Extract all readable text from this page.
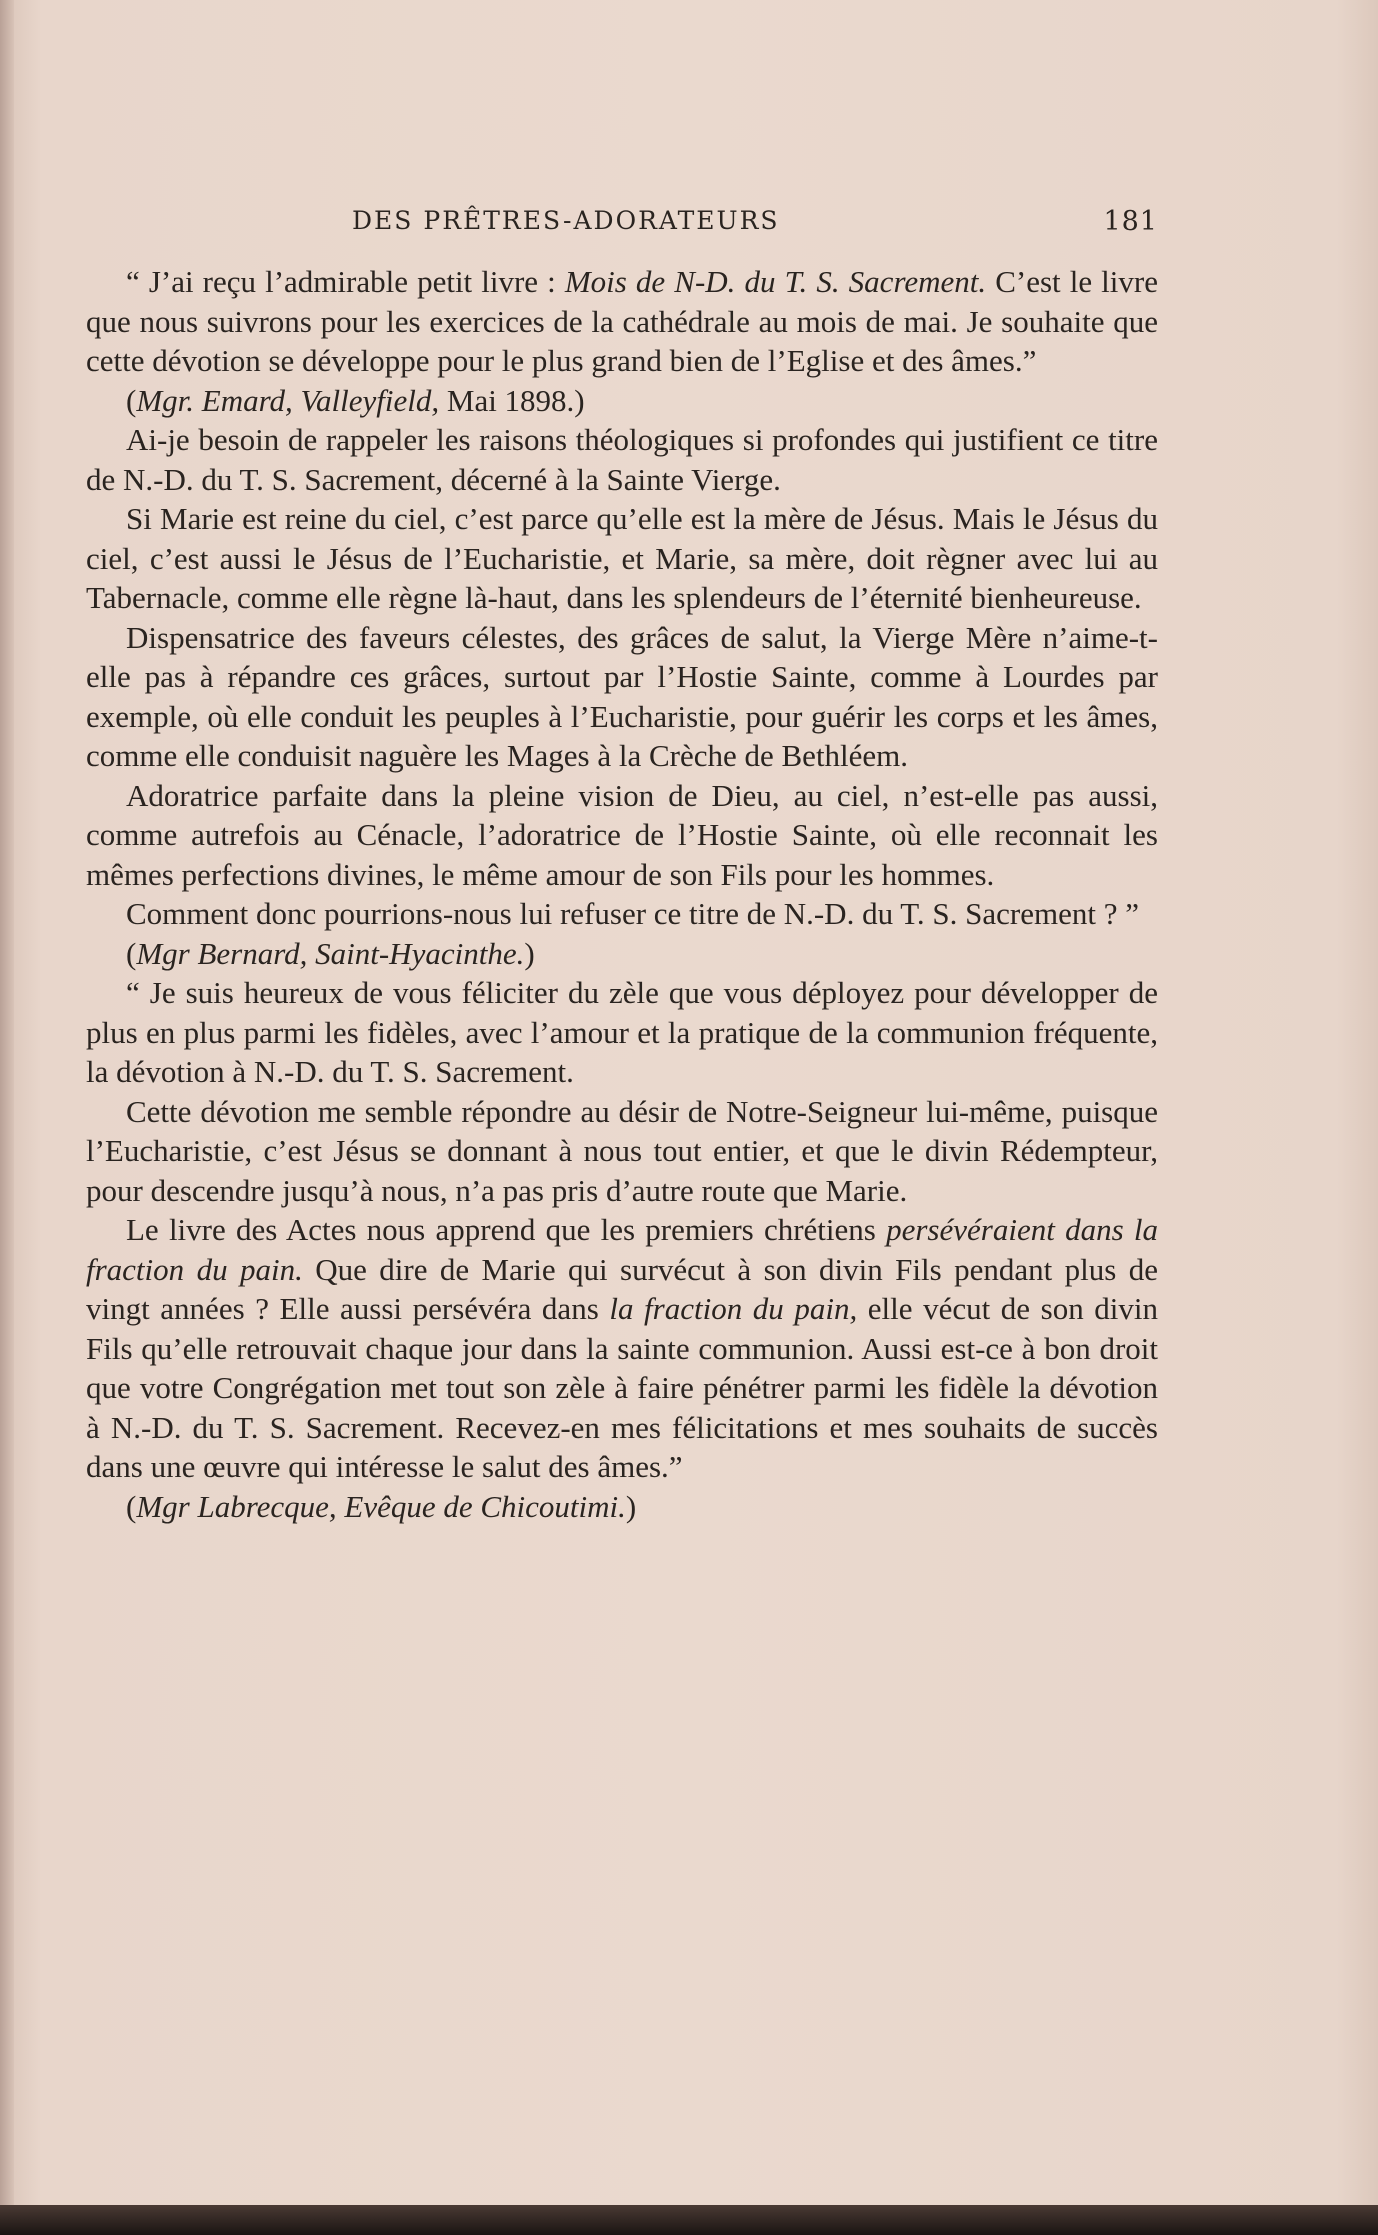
DES PRÊTRES-ADORATEURS	181

“ J’ai reçu l’admirable petit livre : Mois de N-D. du T. S. Sacrement. C’est le livre que nous suivrons pour les exercices de la cathédrale au mois de mai. Je souhaite que cette dévotion se développe pour le plus grand bien de l’Eglise et des âmes.”

(Mgr. Emard, Valleyfield, Mai 1898.)

Ai-je besoin de rappeler les raisons théologiques si profondes qui justifient ce titre de N.-D. du T. S. Sacrement, décerné à la Sainte Vierge.

Si Marie est reine du ciel, c’est parce qu’elle est la mère de Jésus. Mais le Jésus du ciel, c’est aussi le Jésus de l’Eucharistie, et Marie, sa mère, doit règner avec lui au Tabernacle, comme elle règne là-haut, dans les splendeurs de l’éternité bienheureuse.

Dispensatrice des faveurs célestes, des grâces de salut, la Vierge Mère n’aime-t-elle pas à répandre ces grâces, surtout par l’Hostie Sainte, comme à Lourdes par exemple, où elle conduit les peuples à l’Eucharistie, pour guérir les corps et les âmes, comme elle conduisit naguère les Mages à la Crèche de Bethléem.

Adoratrice parfaite dans la pleine vision de Dieu, au ciel, n’est-elle pas aussi, comme autrefois au Cénacle, l’adoratrice de l’Hostie Sainte, où elle reconnait les mêmes perfections divines, le même amour de son Fils pour les hommes.

Comment donc pourrions-nous lui refuser ce titre de N.-D. du T. S. Sacrement ? ”

(Mgr Bernard, Saint-Hyacinthe.)

“ Je suis heureux de vous féliciter du zèle que vous déployez pour développer de plus en plus parmi les fidèles, avec l’amour et la pratique de la communion fréquente, la dévotion à N.-D. du T. S. Sacrement.

Cette dévotion me semble répondre au désir de Notre-Seigneur lui-même, puisque l’Eucharistie, c’est Jésus se donnant à nous tout entier, et que le divin Rédempteur, pour descendre jusqu’à nous, n’a pas pris d’autre route que Marie.

Le livre des Actes nous apprend que les premiers chrétiens persévéraient dans la fraction du pain. Que dire de Marie qui survécut à son divin Fils pendant plus de vingt années ? Elle aussi persévéra dans la fraction du pain, elle vécut de son divin Fils qu’elle retrouvait chaque jour dans la sainte communion. Aussi est-ce à bon droit que votre Congrégation met tout son zèle à faire pénétrer parmi les fidèle la dévotion à N.-D. du T. S. Sacrement. Recevez-en mes félicitations et mes souhaits de succès dans une œuvre qui intéresse le salut des âmes.”

(Mgr Labrecque, Evêque de Chicoutimi.)
